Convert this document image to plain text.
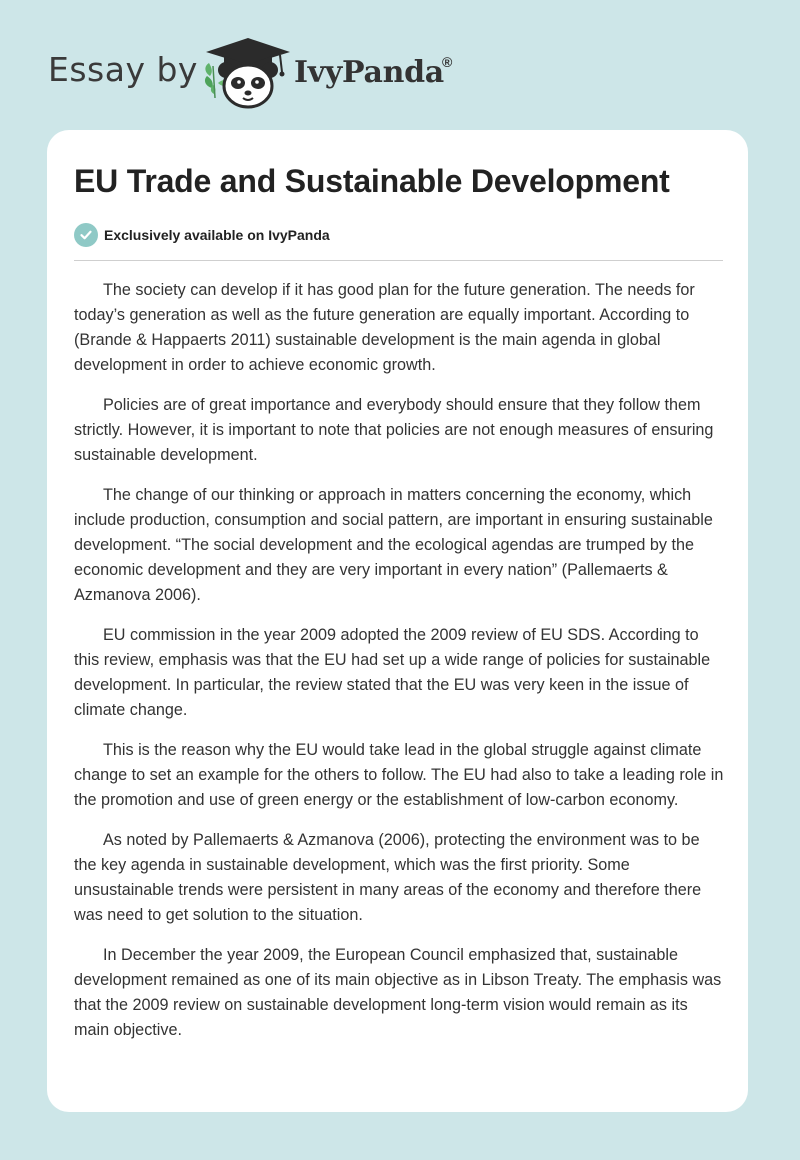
Essay by	IvyPanda
®
EU Trade and Sustainable Development
Exclusively available on IvyPanda

The society can develop if it has good plan for the future generation. The needs for today’s generation as well as the future generation are equally important. According to (Brande & Happaerts 2011) sustainable development is the main agenda in global development in order to achieve economic growth.

Policies are of great importance and everybody should ensure that they follow them strictly. However, it is important to note that policies are not enough measures of ensuring sustainable development.

The change of our thinking or approach in matters concerning the economy, which include production, consumption and social pattern, are important in ensuring sustainable development. “The social development and the ecological agendas are trumped by the economic development and they are very important in every nation” (Pallemaerts & Azmanova 2006).

EU commission in the year 2009 adopted the 2009 review of EU SDS. According to this review, emphasis was that the EU had set up a wide range of policies for sustainable development. In particular, the review stated that the EU was very keen in the issue of climate change.

This is the reason why the EU would take lead in the global struggle against climate change to set an example for the others to follow. The EU had also to take a leading role in the promotion and use of green energy or the establishment of low-carbon economy.

As noted by Pallemaerts & Azmanova (2006), protecting the environment was to be the key agenda in sustainable development, which was the first priority. Some unsustainable trends were persistent in many areas of the economy and therefore there was need to get solution to the situation.

In December the year 2009, the European Council emphasized that, sustainable development remained as one of its main objective as in Libson Treaty. The emphasis was that the 2009 review on sustainable development long-term vision would remain as its main objective.
